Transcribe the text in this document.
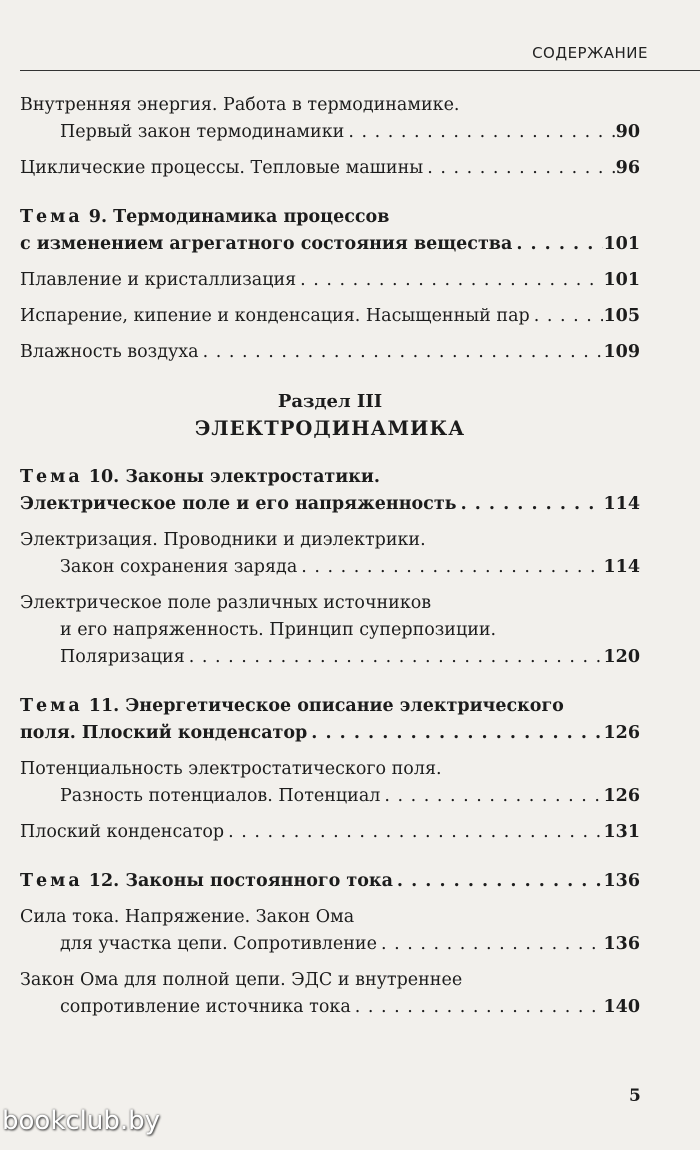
СОДЕРЖАНИЕ
Внутренняя энергия. Работа в термодинамике.
Первый закон термодинамики . . .	90
Циклические процессы. Тепловые машины . . .	96
Тема 9. Термодинамика процессов
с изменением агрегатного состояния вещества . . .	101
Плавление и кристаллизация . . .	101
Испарение, кипение и конденсация. Насыщенный пар . . .	105
Влажность воздуха . . .	109
Раздел III
ЭЛЕКТРОДИНАМИКА
Тема 10. Законы электростатики.
Электрическое поле и его напряженность . . .	114
Электризация. Проводники и диэлектрики.
Закон сохранения заряда . . .	114
Электрическое поле различных источников
и его напряженность. Принцип суперпозиции.
Поляризация . . .	120
Тема 11. Энергетическое описание электрического
поля. Плоский конденсатор . . .	126
Потенциальность электростатического поля.
Разность потенциалов. Потенциал . . .	126
Плоский конденсатор . . .	131
Тема 12. Законы постоянного тока . . .	136
Сила тока. Напряжение. Закон Ома
для участка цепи. Сопротивление . . .	136
Закон Ома для полной цепи. ЭДС и внутреннее
сопротивление источника тока . . .	140
5
bookclub.by
